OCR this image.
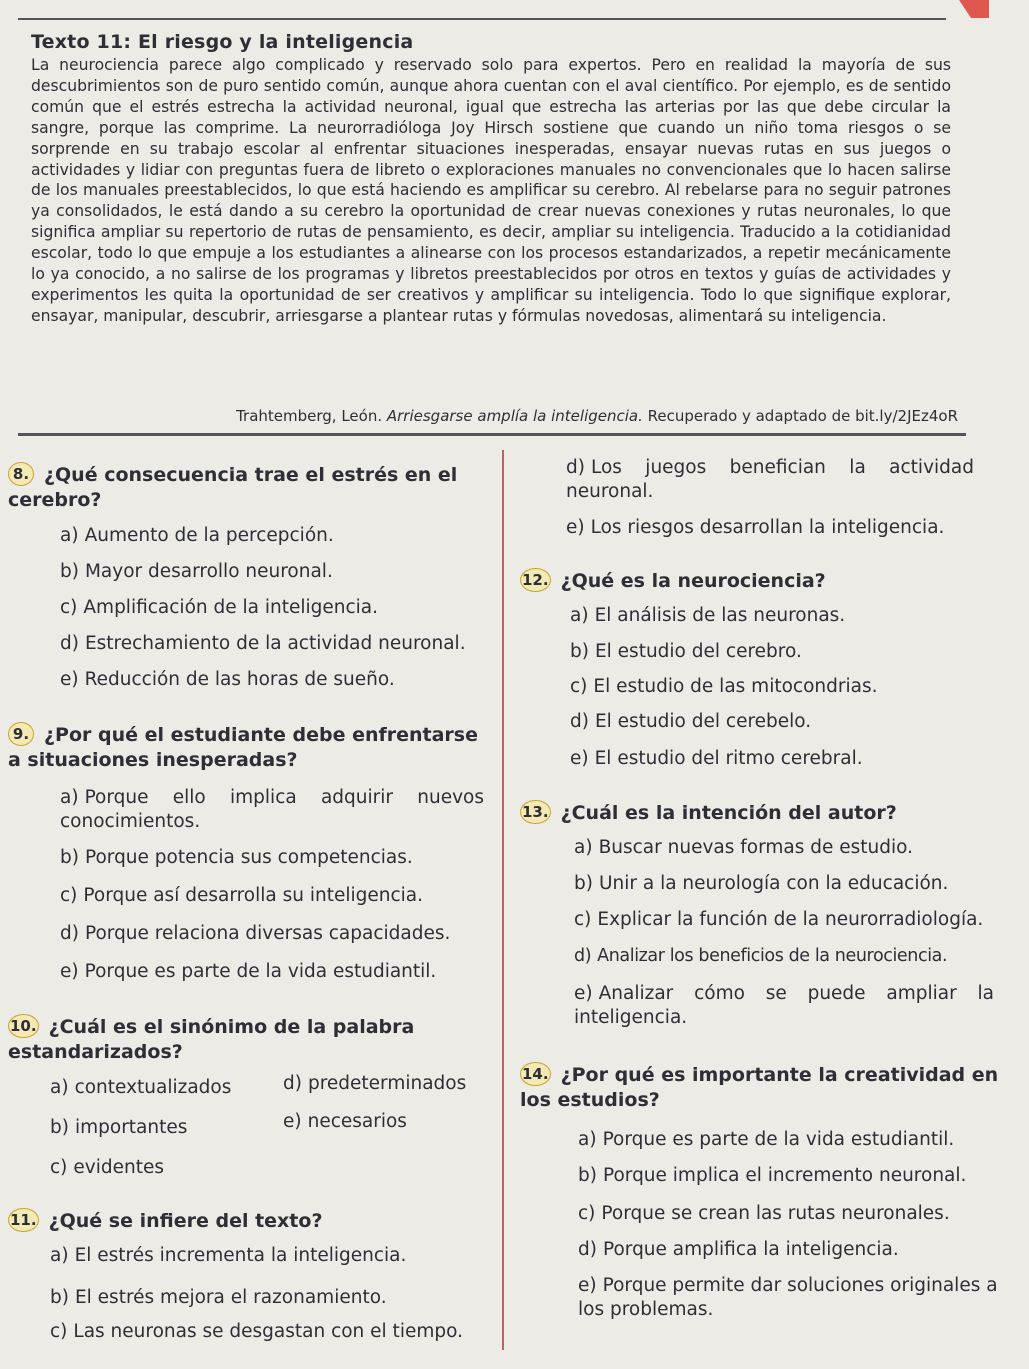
Texto 11: El riesgo y la inteligencia

La neurociencia parece algo complicado y reservado solo para expertos. Pero en realidad la mayoría de sus descubrimientos son de puro sentido común, aunque ahora cuentan con el aval científico. Por ejemplo, es de sentido común que el estrés estrecha la actividad neuronal, igual que estrecha las arterias por las que debe circular la sangre, porque las comprime. La neurorradióloga Joy Hirsch sostiene que cuando un niño toma riesgos o se sorprende en su trabajo escolar al enfrentar situaciones inesperadas, ensayar nuevas rutas en sus juegos o actividades y lidiar con preguntas fuera de libreto o exploraciones manuales no convencionales que lo hacen salirse de los manuales preestablecidos, lo que está haciendo es amplificar su cerebro. Al rebelarse para no seguir patrones ya consolidados, le está dando a su cerebro la oportunidad de crear nuevas conexiones y rutas neuronales, lo que significa ampliar su repertorio de rutas de pensamiento, es decir, ampliar su inteligencia. Traducido a la cotidianidad escolar, todo lo que empuje a los estudiantes a alinearse con los procesos estandarizados, a repetir mecánicamente lo ya conocido, a no salirse de los programas y libretos preestablecidos por otros en textos y guías de actividades y experimentos les quita la oportunidad de ser creativos y amplificar su inteligencia. Todo lo que signifique explorar, ensayar, manipular, descubrir, arriesgarse a plantear rutas y fórmulas novedosas, alimentará su inteligencia.

Trahtemberg, León. Arriesgarse amplía la inteligencia. Recuperado y adaptado de bit.ly/2JEz4oR
8. ¿Qué consecuencia trae el estrés en el cerebro?
a) Aumento de la percepción.
b) Mayor desarrollo neuronal.
c) Amplificación de la inteligencia.
d) Estrechamiento de la actividad neuronal.
e) Reducción de las horas de sueño.
9. ¿Por qué el estudiante debe enfrentarse a situaciones inesperadas?
a) Porque ello implica adquirir nuevos conocimientos.
b) Porque potencia sus competencias.
c) Porque así desarrolla su inteligencia.
d) Porque relaciona diversas capacidades.
e) Porque es parte de la vida estudiantil.
10. ¿Cuál es el sinónimo de la palabra estandarizados?
a) contextualizados
b) importantes
c) evidentes
d) predeterminados
e) necesarios
11. ¿Qué se infiere del texto?
a) El estrés incrementa la inteligencia.
b) El estrés mejora el razonamiento.
c) Las neuronas se desgastan con el tiempo.
d) Los juegos benefician la actividad neuronal.
e) Los riesgos desarrollan la inteligencia.
12. ¿Qué es la neurociencia?
a) El análisis de las neuronas.
b) El estudio del cerebro.
c) El estudio de las mitocondrias.
d) El estudio del cerebelo.
e) El estudio del ritmo cerebral.
13. ¿Cuál es la intención del autor?
a) Buscar nuevas formas de estudio.
b) Unir a la neurología con la educación.
c) Explicar la función de la neurorradiología.
d) Analizar los beneficios de la neurociencia.
e) Analizar cómo se puede ampliar la inteligencia.
14. ¿Por qué es importante la creatividad en los estudios?
a) Porque es parte de la vida estudiantil.
b) Porque implica el incremento neuronal.
c) Porque se crean las rutas neuronales.
d) Porque amplifica la inteligencia.
e) Porque permite dar soluciones originales a los problemas.
